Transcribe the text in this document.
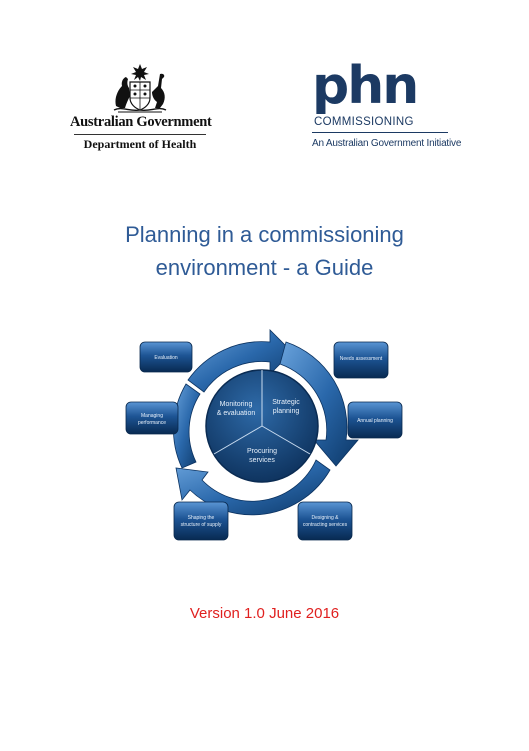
Australian Government
Department of Health
phn
COMMISSIONING
An Australian Government Initiative
Planning in a commissioning
environment - a Guide
Monitoring
& evaluation
Strategic
planning
Procuring
services
Evaluation
Managing
performance
Shaping the
structure of supply
Needs assessment
Annual planning
Designing &
contracting services
Version 1.0 June 2016
